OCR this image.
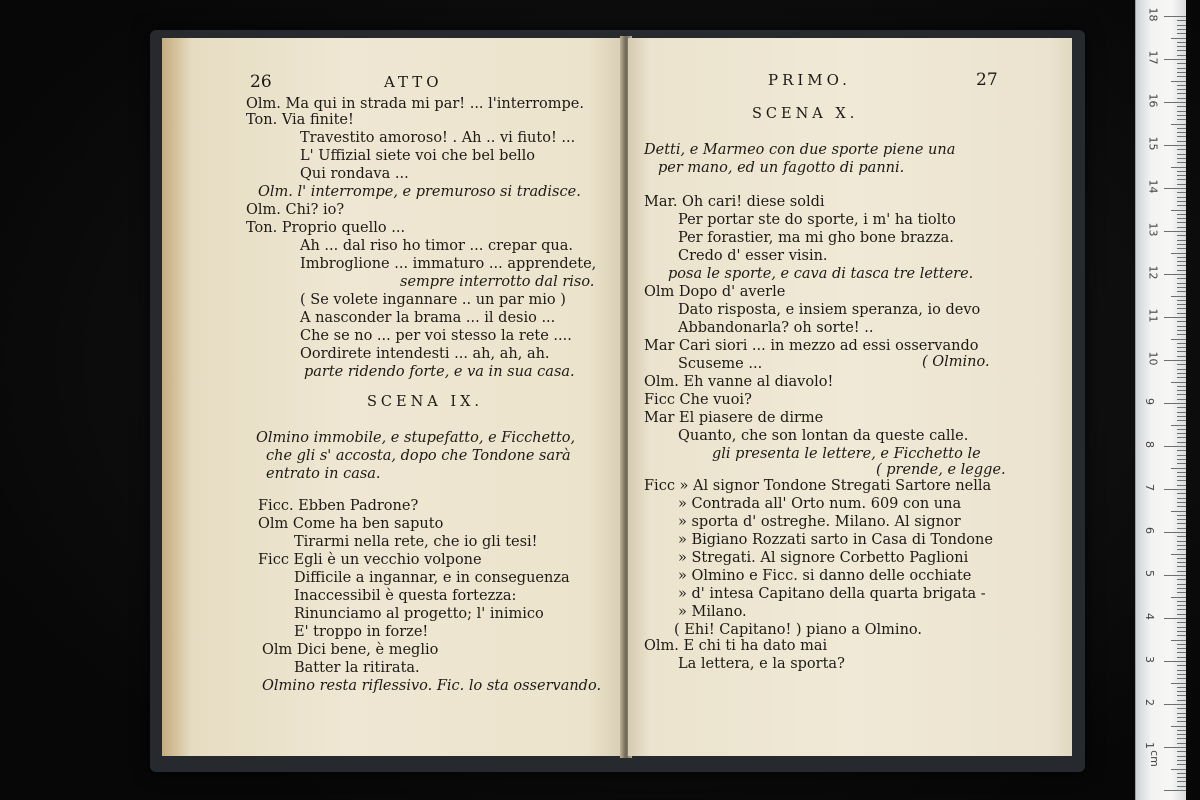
26	ATTO
Olm. Ma qui in strada mi par! ... l'interrompe.
Ton. Via finite!
Travestito amoroso! . Ah .. vi fiuto! ...
L' Uffizial siete voi che bel bello
Qui rondava ...
Olm. l' interrompe, e premuroso si tradisce.
Olm. Chi? io?
Ton. Proprio quello ...
Ah ... dal riso ho timor ... crepar qua.
Imbroglione ... immaturo ... apprendete,
sempre interrotto dal riso.
( Se volete ingannare .. un par mio )
A nasconder la brama ... il desio ...
Che se no ... per voi stesso la rete ....
Oordirete intendesti ... ah, ah, ah.
parte ridendo forte, e va in sua casa.
SCENA IX.
Olmino immobile, e stupefatto, e Ficchetto,
che gli s' accosta, dopo che Tondone sarà
entrato in casa.
Ficc. Ebben Padrone?
Olm Come ha ben saputo
Tirarmi nella rete, che io gli tesi!
Ficc Egli è un vecchio volpone
Difficile a ingannar, e in conseguenza
Inaccessibil è questa fortezza:
Rinunciamo al progetto; l' inimico
E' troppo in forze!
Olm Dici bene, è meglio
Batter la ritirata.
Olmino resta riflessivo. Fic. lo sta osservando.
PRIMO.	27
SCENA X.
Detti, e Marmeo con due sporte piene una
per mano, ed un fagotto di panni.
Mar. Oh cari! diese soldi
Per portar ste do sporte, i m' ha tiolto
Per forastier, ma mi gho bone brazza.
Credo d' esser visin.
posa le sporte, e cava di tasca tre lettere.
Olm Dopo d' averle
Dato risposta, e insiem speranza, io devo
Abbandonarla? oh sorte! ..
Mar Cari siori ... in mezzo ad essi osservando
Scuseme ...	( Olmino.
Olm. Eh vanne al diavolo!
Ficc Che vuoi?
Mar El piasere de dirme
Quanto, che son lontan da queste calle.
gli presenta le lettere, e Ficchetto le
( prende, e legge.
Ficc » Al signor Tondone Stregati Sartore nella
» Contrada all' Orto num. 609 con una
» sporta d' ostreghe. Milano. Al signor
» Bigiano Rozzati sarto in Casa di Tondone
» Stregati. Al signore Corbetto Paglioni
» Olmino e Ficc. si danno delle occhiate
» d' intesa Capitano della quarta brigata -
» Milano.
( Ehi! Capitano! ) piano a Olmino.
Olm. E chi ti ha dato mai
La lettera, e la sporta?
cm
1
2
3
4
5
6
7
8
9
10
11
12
13
14
15
16
17
18
